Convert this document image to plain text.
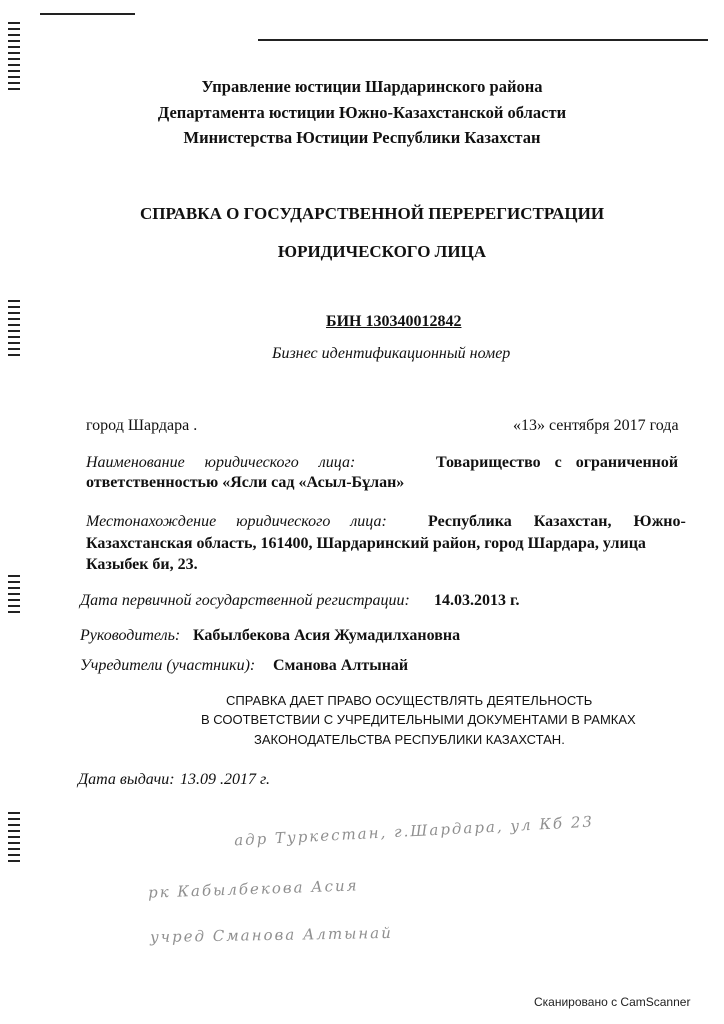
Управление юстиции Шардаринского района
Департамента юстиции Южно-Казахстанской области
Министерства Юстиции Республики Казахстан
СПРАВКА О ГОСУДАРСТВЕННОЙ ПЕРЕРЕГИСТРАЦИИ
ЮРИДИЧЕСКОГО ЛИЦА
БИН 130340012842
Бизнес идентификационный номер
город Шардара .	«13» сентября 2017 года
Наименование юридического лица:	Товарищество с ограниченной
ответственностью «Ясли сад «Асыл-Бұлан»
Местонахождение юридического лица:	Республика Казахстан, Южно-
Казахстанская область, 161400, Шардаринский район, город Шардара, улица
Казыбек би, 23.
Дата первичной государственной регистрации: 14.03.2013 г.
Руководитель: Кабылбекова Асия Жумадилхановна
Учредители (участники): Сманова Алтынай
СПРАВКА ДАЕТ ПРАВО ОСУЩЕСТВЛЯТЬ ДЕЯТЕЛЬНОСТЬ
В СООТВЕТСТВИИ С УЧРЕДИТЕЛЬНЫМИ ДОКУМЕНТАМИ В РАМКАХ
ЗАКОНОДАТЕЛЬСТВА РЕСПУБЛИКИ КАЗАХСТАН.
Дата выдачи: 13.09 .2017 г.
адр Туркестан, г.Шардара, ул Кб 23
рк Кабылбекова Асия
учред Сманова Алтынай
Сканировано с CamScanner
